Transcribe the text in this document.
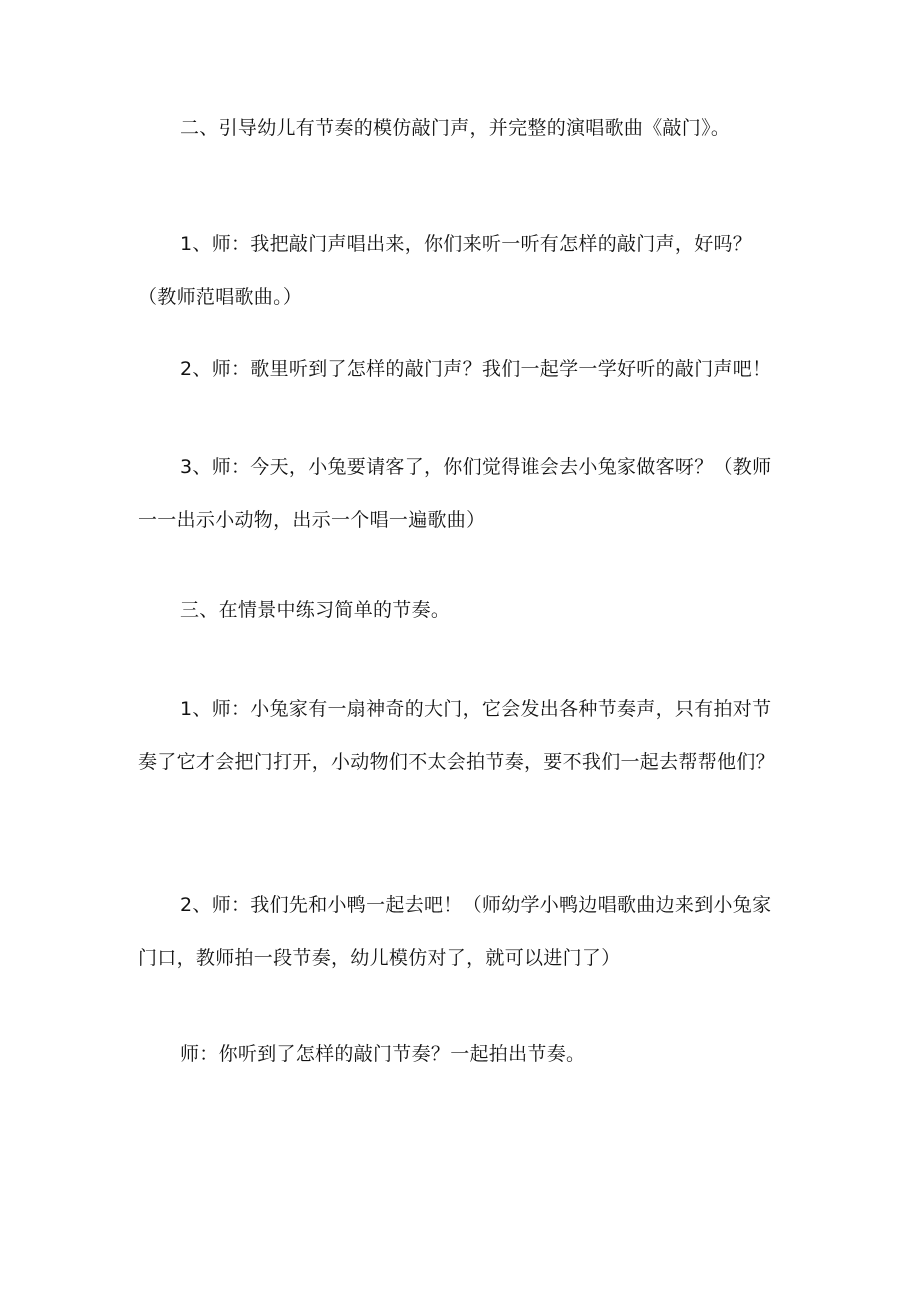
二、引导幼儿有节奏的模仿敲门声，并完整的演唱歌曲《敲门》。

1、师：我把敲门声唱出来，你们来听一听有怎样的敲门声，好吗？（教师范唱歌曲。）

2、师：歌里听到了怎样的敲门声？我们一起学一学好听的敲门声吧！

3、师：今天，小兔要请客了，你们觉得谁会去小兔家做客呀？（教师一一出示小动物，出示一个唱一遍歌曲）

三、在情景中练习简单的节奏。

1、师：小兔家有一扇神奇的大门，它会发出各种节奏声，只有拍对节奏了它才会把门打开，小动物们不太会拍节奏，要不我们一起去帮帮他们？

2、师：我们先和小鸭一起去吧！（师幼学小鸭边唱歌曲边来到小兔家门口，教师拍一段节奏，幼儿模仿对了，就可以进门了）

师：你听到了怎样的敲门节奏？一起拍出节奏。
